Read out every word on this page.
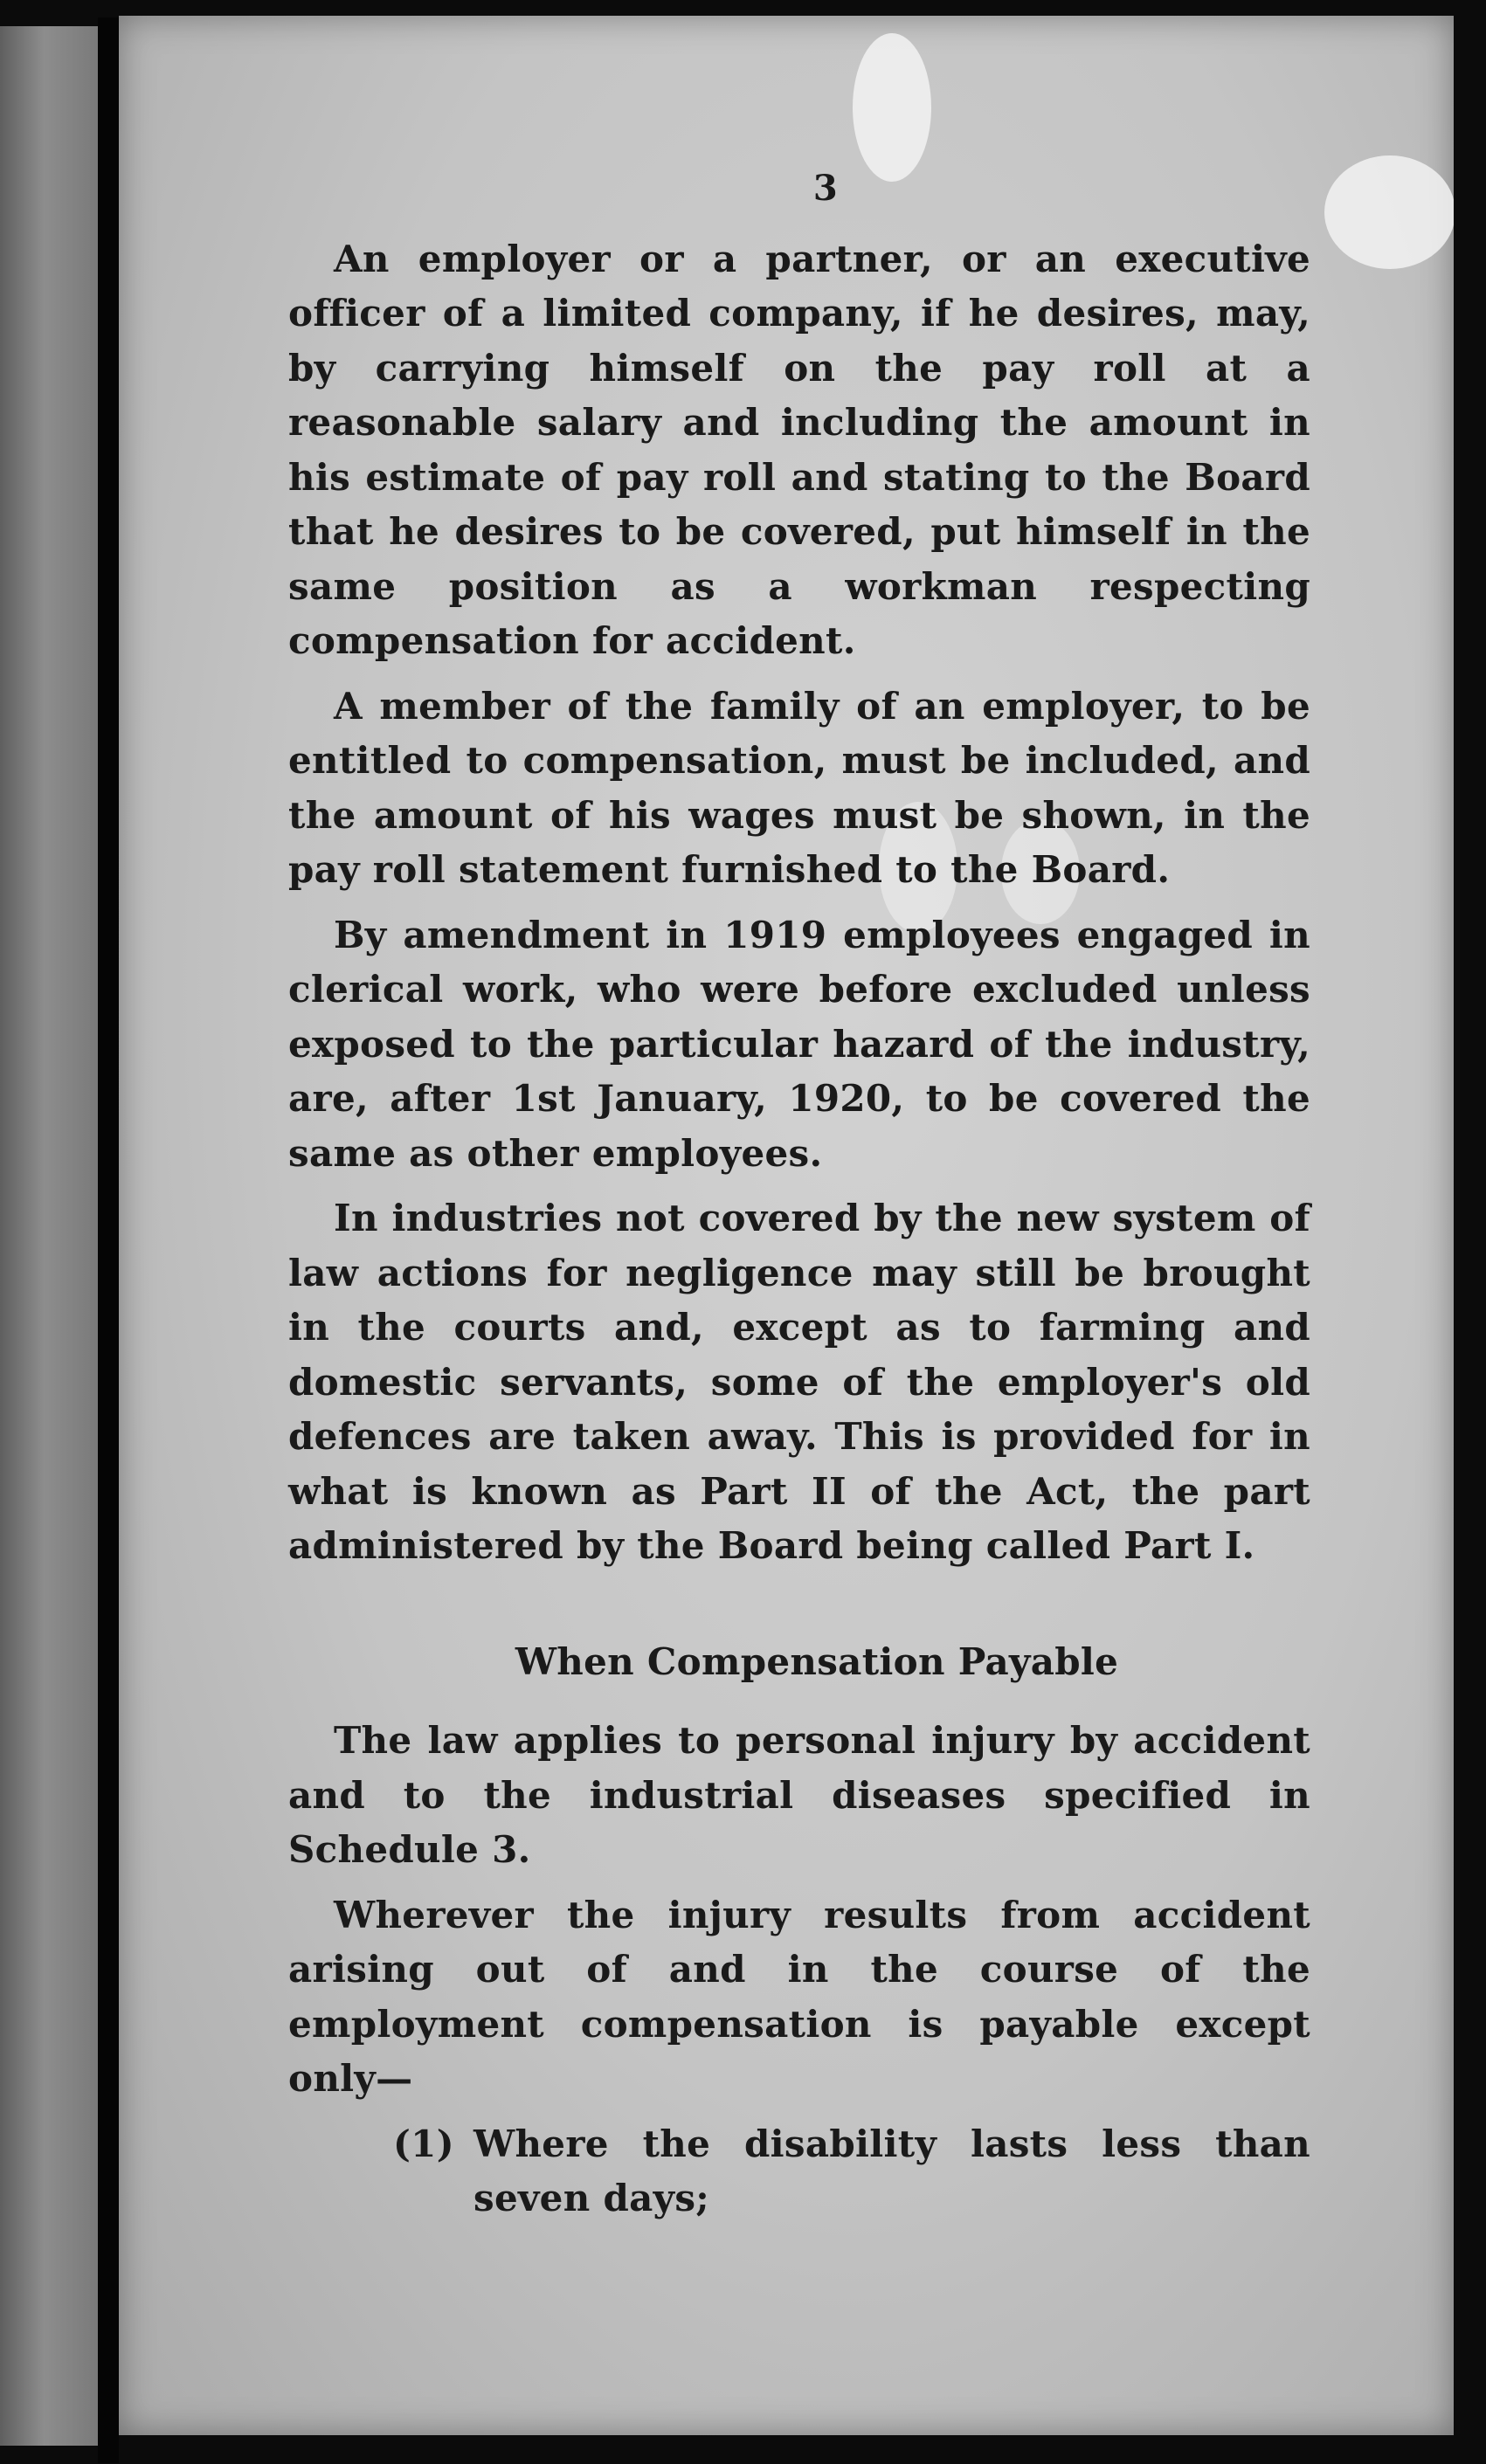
3

An employer or a partner, or an executive officer of a limited company, if he desires, may, by carrying himself on the pay roll at a reasonable salary and including the amount in his estimate of pay roll and stating to the Board that he desires to be covered, put himself in the same position as a workman respecting compensation for accident.

A member of the family of an employer, to be entitled to compensation, must be included, and the amount of his wages must be shown, in the pay roll statement furnished to the Board.

By amendment in 1919 employees engaged in clerical work, who were before excluded unless exposed to the particular hazard of the industry, are, after 1st January, 1920, to be covered the same as other employees.

In industries not covered by the new system of law actions for negligence may still be brought in the courts and, except as to farming and domestic servants, some of the employer's old defences are taken away. This is provided for in what is known as Part II of the Act, the part administered by the Board being called Part I.

When Compensation Payable

The law applies to personal injury by accident and to the industrial diseases specified in Schedule 3.

Wherever the injury results from accident arising out of and in the course of the employment compensation is payable except only—

(1) Where the disability lasts less than seven days;
